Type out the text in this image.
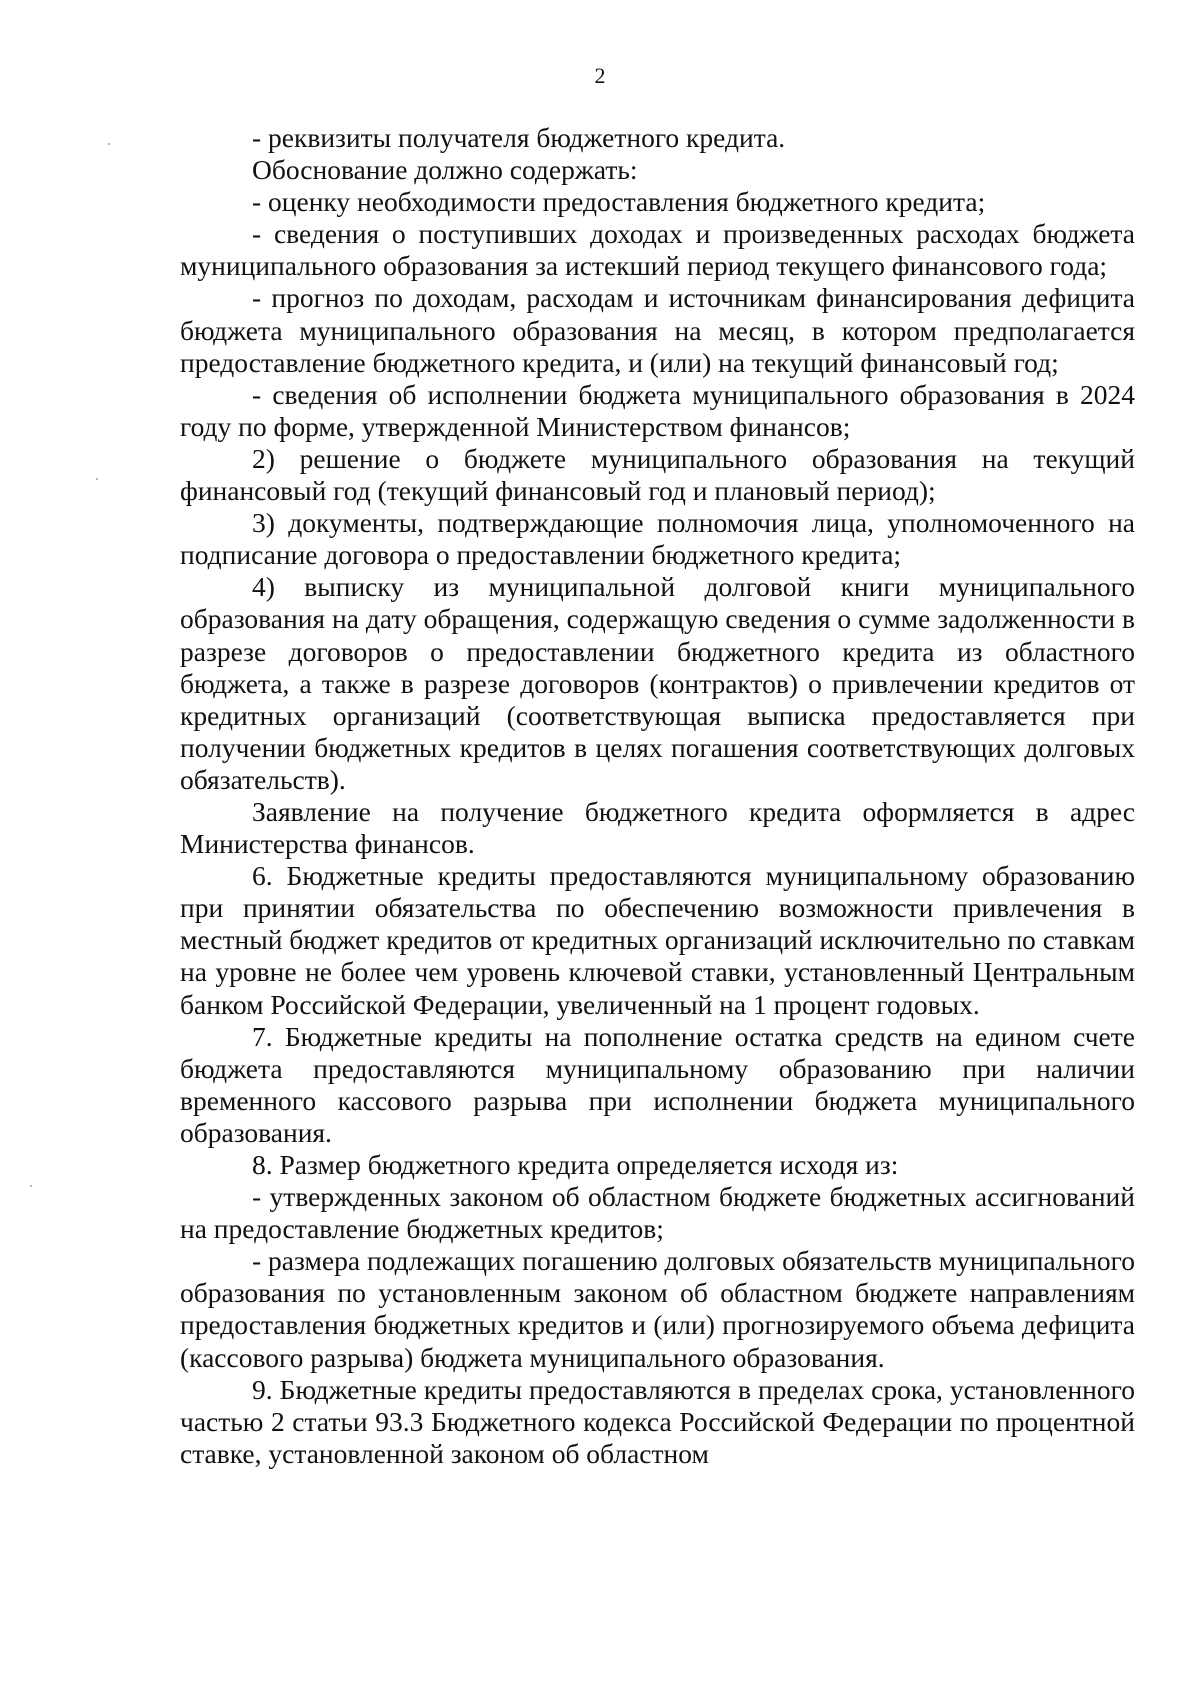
2

- реквизиты получателя бюджетного кредита.

Обоснование должно содержать:

- оценку необходимости предоставления бюджетного кредита;

- сведения о поступивших доходах и произведенных расходах бюджета муниципального образования за истекший период текущего финансового года;

- прогноз по доходам, расходам и источникам финансирования дефицита бюджета муниципального образования на месяц, в котором предполагается предоставление бюджетного кредита, и (или) на текущий финансовый год;

- сведения об исполнении бюджета муниципального образования в 2024 году по форме, утвержденной Министерством финансов;

2) решение о бюджете муниципального образования на текущий финансовый год (текущий финансовый год и плановый период);

3) документы, подтверждающие полномочия лица, уполномоченного на подписание договора о предоставлении бюджетного кредита;

4) выписку из муниципальной долговой книги муниципального образования на дату обращения, содержащую сведения о сумме задолженности в разрезе договоров о предоставлении бюджетного кредита из областного бюджета, а также в разрезе договоров (контрактов) о привлечении кредитов от кредитных организаций (соответствующая выписка предоставляется при получении бюджетных кредитов в целях погашения соответствующих долговых обязательств).

Заявление на получение бюджетного кредита оформляется в адрес Министерства финансов.

6. Бюджетные кредиты предоставляются муниципальному образованию при принятии обязательства по обеспечению возможности привлечения в местный бюджет кредитов от кредитных организаций исключительно по ставкам на уровне не более чем уровень ключевой ставки, установленный Центральным банком Российской Федерации, увеличенный на 1 процент годовых.

7. Бюджетные кредиты на пополнение остатка средств на едином счете бюджета предоставляются муниципальному образованию при наличии временного кассового разрыва при исполнении бюджета муниципального образования.

8. Размер бюджетного кредита определяется исходя из:

- утвержденных законом об областном бюджете бюджетных ассигнований на предоставление бюджетных кредитов;

- размера подлежащих погашению долговых обязательств муниципального образования по установленным законом об областном бюджете направлениям предоставления бюджетных кредитов и (или) прогнозируемого объема дефицита (кассового разрыва) бюджета муниципального образования.

9. Бюджетные кредиты предоставляются в пределах срока, установленного частью 2 статьи 93.3 Бюджетного кодекса Российской Федерации по процентной ставке, установленной законом об областном
